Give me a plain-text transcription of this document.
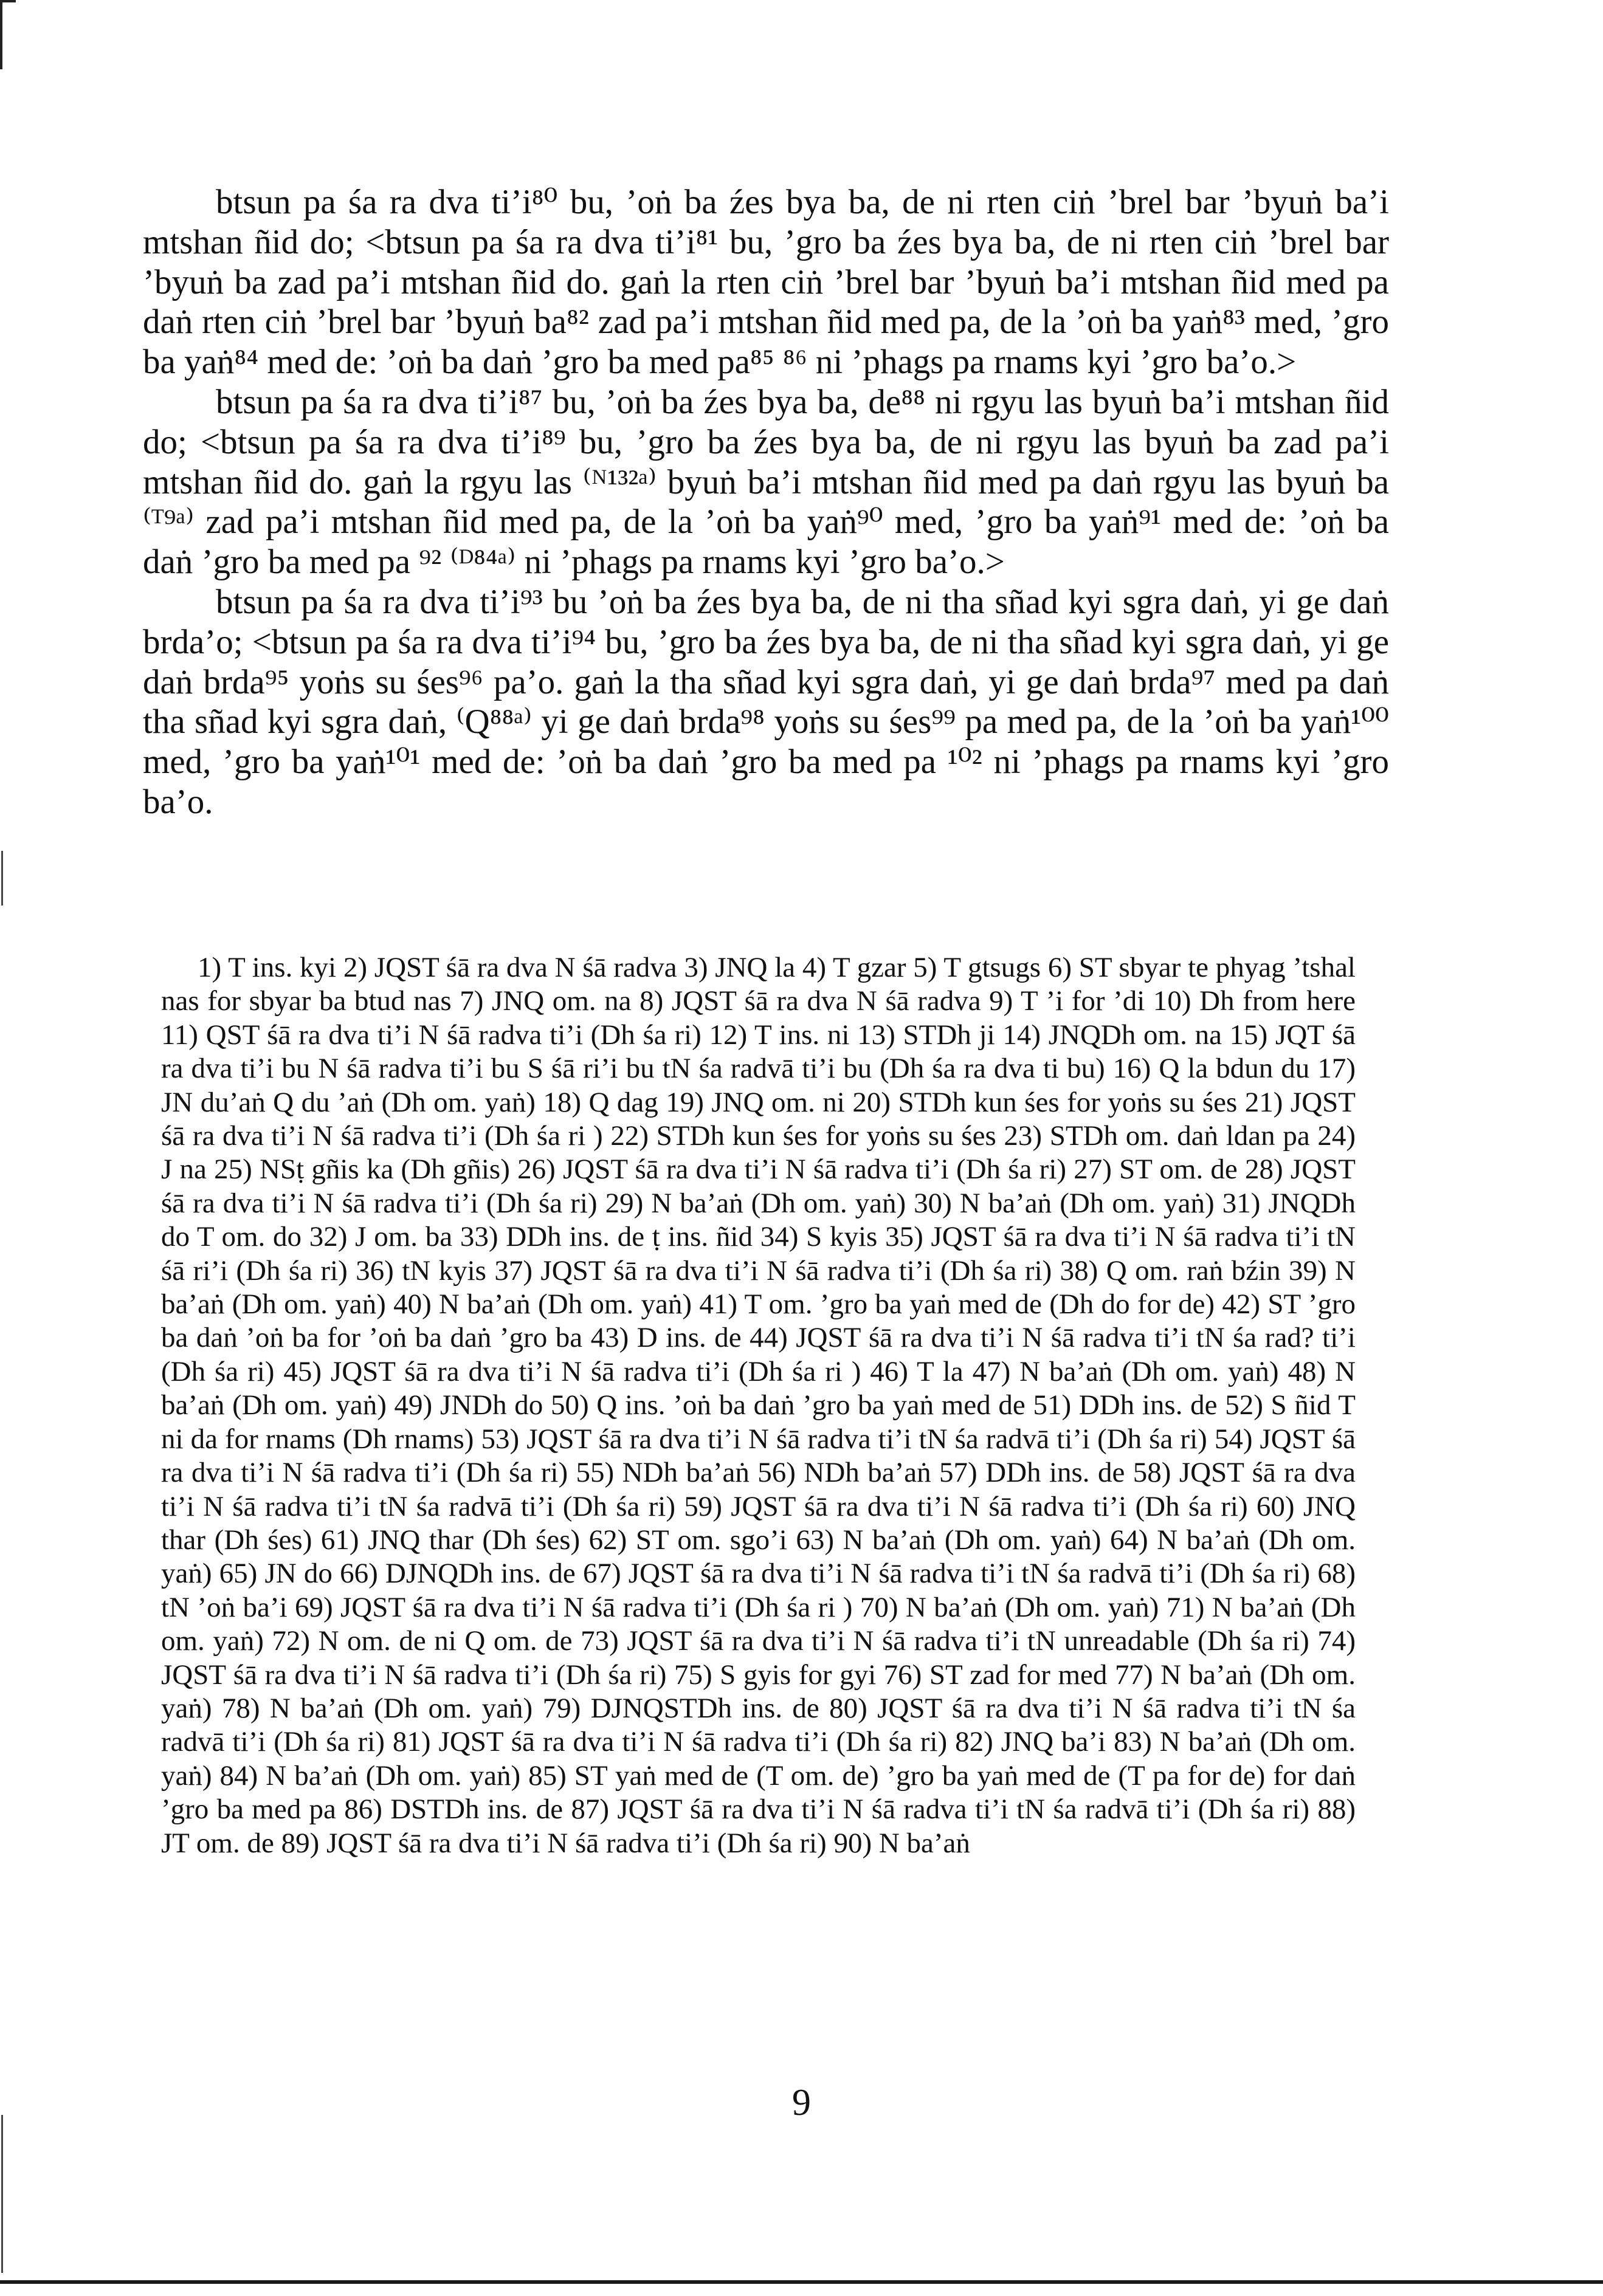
btsun pa śa ra dva ti’i⁸⁰ bu, ’oṅ ba źes bya ba, de ni rten ciṅ ’brel bar ’byuṅ ba’i mtshan ñid do; <btsun pa śa ra dva ti’i⁸¹ bu, ’gro ba źes bya ba, de ni rten ciṅ ’brel bar ’byuṅ ba zad pa’i mtshan ñid do. gaṅ la rten ciṅ ’brel bar ’byuṅ ba’i mtshan ñid med pa daṅ rten ciṅ ’brel bar ’byuṅ ba⁸² zad pa’i mtshan ñid med pa, de la ’oṅ ba yaṅ⁸³ med, ’gro ba yaṅ⁸⁴ med de: ’oṅ ba daṅ ’gro ba med pa⁸⁵ ⁸⁶ ni ’phags pa rnams kyi ’gro ba’o.>

btsun pa śa ra dva ti’i⁸⁷ bu, ’oṅ ba źes bya ba, de⁸⁸ ni rgyu las byuṅ ba’i mtshan ñid do; <btsun pa śa ra dva ti’i⁸⁹ bu, ’gro ba źes bya ba, de ni rgyu las byuṅ ba zad pa’i mtshan ñid do. gaṅ la rgyu las ⁽ᴺ¹³²ᵃ⁾ byuṅ ba’i mtshan ñid med pa daṅ rgyu las byuṅ ba ⁽ᵀ⁹ᵃ⁾ zad pa’i mtshan ñid med pa, de la ’oṅ ba yaṅ⁹⁰ med, ’gro ba yaṅ⁹¹ med de: ’oṅ ba daṅ ’gro ba med pa ⁹² ⁽ᴰ⁸⁴ᵃ⁾ ni ’phags pa rnams kyi ’gro ba’o.>

btsun pa śa ra dva ti’i⁹³ bu ’oṅ ba źes bya ba, de ni tha sñad kyi sgra daṅ, yi ge daṅ brda’o; <btsun pa śa ra dva ti’i⁹⁴ bu, ’gro ba źes bya ba, de ni tha sñad kyi sgra daṅ, yi ge daṅ brda⁹⁵ yoṅs su śes⁹⁶ pa’o. gaṅ la tha sñad kyi sgra daṅ, yi ge daṅ brda⁹⁷ med pa daṅ tha sñad kyi sgra daṅ, ⁽Q⁸⁸ᵃ⁾ yi ge daṅ brda⁹⁸ yoṅs su śes⁹⁹ pa med pa, de la ’oṅ ba yaṅ¹⁰⁰ med, ’gro ba yaṅ¹⁰¹ med de: ’oṅ ba daṅ ’gro ba med pa ¹⁰² ni ’phags pa rnams kyi ’gro ba’o.

1) T ins. kyi 2) JQST śā ra dva N śā radva 3) JNQ la 4) T gzar 5) T gtsugs 6) ST sbyar te phyag ’tshal nas for sbyar ba btud nas 7) JNQ om. na 8) JQST śā ra dva N śā radva 9) T ’i for ’di 10) Dh from here 11) QST śā ra dva ti’i N śā radva ti’i (Dh śa ri) 12) T ins. ni 13) STDh ji 14) JNQDh om. na 15) JQT śā ra dva ti’i bu N śā radva ti’i bu S śā ri’i bu tN śa radvā ti’i bu (Dh śa ra dva ti bu) 16) Q la bdun du 17) JN du’aṅ Q du ’aṅ (Dh om. yaṅ) 18) Q dag 19) JNQ om. ni 20) STDh kun śes for yoṅs su śes 21) JQST śā ra dva ti’i N śā radva ti’i (Dh śa ri ) 22) STDh kun śes for yoṅs su śes 23) STDh om. daṅ ldan pa 24) J na 25) NSṭ gñis ka (Dh gñis) 26) JQST śā ra dva ti’i N śā radva ti’i (Dh śa ri) 27) ST om. de 28) JQST śā ra dva ti’i N śā radva ti’i (Dh śa ri) 29) N ba’aṅ (Dh om. yaṅ) 30) N ba’aṅ (Dh om. yaṅ) 31) JNQDh do T om. do 32) J om. ba 33) DDh ins. de ṭ ins. ñid 34) S kyis 35) JQST śā ra dva ti’i N śā radva ti’i tN śā ri’i (Dh śa ri) 36) tN kyis 37) JQST śā ra dva ti’i N śā radva ti’i (Dh śa ri) 38) Q om. raṅ bźin 39) N ba’aṅ (Dh om. yaṅ) 40) N ba’aṅ (Dh om. yaṅ) 41) T om. ’gro ba yaṅ med de (Dh do for de) 42) ST ’gro ba daṅ ’oṅ ba for ’oṅ ba daṅ ’gro ba 43) D ins. de 44) JQST śā ra dva ti’i N śā radva ti’i tN śa rad? ti’i (Dh śa ri) 45) JQST śā ra dva ti’i N śā radva ti’i (Dh śa ri ) 46) T la 47) N ba’aṅ (Dh om. yaṅ) 48) N ba’aṅ (Dh om. yaṅ) 49) JNDh do 50) Q ins. ’oṅ ba daṅ ’gro ba yaṅ med de 51) DDh ins. de 52) S ñid T ni da for rnams (Dh rnams) 53) JQST śā ra dva ti’i N śā radva ti’i tN śa radvā ti’i (Dh śa ri) 54) JQST śā ra dva ti’i N śā radva ti’i (Dh śa ri) 55) NDh ba’aṅ 56) NDh ba’aṅ 57) DDh ins. de 58) JQST śā ra dva ti’i N śā radva ti’i tN śa radvā ti’i (Dh śa ri) 59) JQST śā ra dva ti’i N śā radva ti’i (Dh śa ri) 60) JNQ thar (Dh śes) 61) JNQ thar (Dh śes) 62) ST om. sgo’i 63) N ba’aṅ (Dh om. yaṅ) 64) N ba’aṅ (Dh om. yaṅ) 65) JN do 66) DJNQDh ins. de 67) JQST śā ra dva ti’i N śā radva ti’i tN śa radvā ti’i (Dh śa ri) 68) tN ’oṅ ba’i 69) JQST śā ra dva ti’i N śā radva ti’i (Dh śa ri ) 70) N ba’aṅ (Dh om. yaṅ) 71) N ba’aṅ (Dh om. yaṅ) 72) N om. de ni Q om. de 73) JQST śā ra dva ti’i N śā radva ti’i tN unreadable (Dh śa ri) 74) JQST śā ra dva ti’i N śā radva ti’i (Dh śa ri) 75) S gyis for gyi 76) ST zad for med 77) N ba’aṅ (Dh om. yaṅ) 78) N ba’aṅ (Dh om. yaṅ) 79) DJNQSTDh ins. de 80) JQST śā ra dva ti’i N śā radva ti’i tN śa radvā ti’i (Dh śa ri) 81) JQST śā ra dva ti’i N śā radva ti’i (Dh śa ri) 82) JNQ ba’i 83) N ba’aṅ (Dh om. yaṅ) 84) N ba’aṅ (Dh om. yaṅ) 85) ST yaṅ med de (T om. de) ’gro ba yaṅ med de (T pa for de) for daṅ ’gro ba med pa 86) DSTDh ins. de 87) JQST śā ra dva ti’i N śā radva ti’i tN śa radvā ti’i (Dh śa ri) 88) JT om. de 89) JQST śā ra dva ti’i N śā radva ti’i (Dh śa ri) 90) N ba’aṅ

9
